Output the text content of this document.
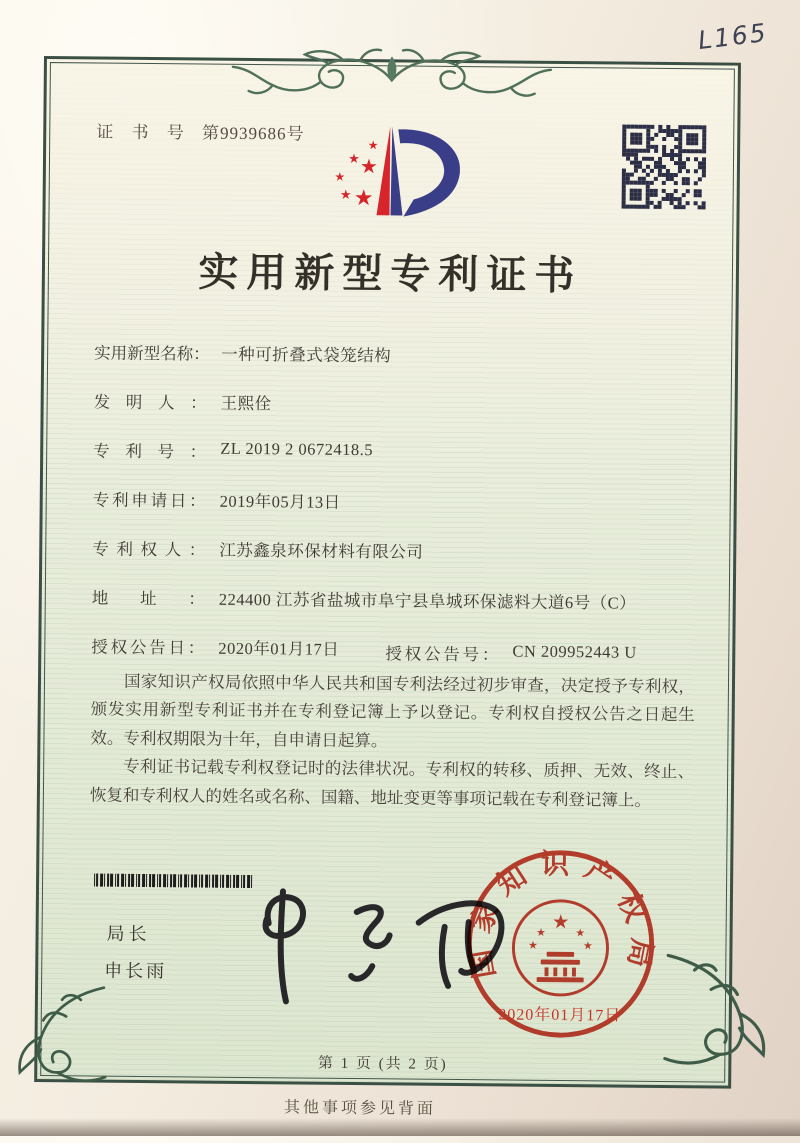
证 书 号 第9939686号
★
★ ★
★
★ ★
实用新型专利证书
实用新型名称： 一种可折叠式袋笼结构
发明人： 王熙佺
专利号： ZL 2019 2 0672418.5
专利申请日： 2019年05月13日
专利权人： 江苏鑫泉环保材料有限公司
地址： 224400 江苏省盐城市阜宁县阜城环保滤料大道6号（C）
授权公告日： 2020年01月17日	授权公告号： CN 209952443 U

国家知识产权局依照中华人民共和国专利法经过初步审查，决定授予专利权，颁发实用新型专利证书并在专利登记簿上予以登记。专利权自授权公告之日起生效。专利权期限为十年，自申请日起算。

专利证书记载专利权登记时的法律状况。专利权的转移、质押、无效、终止、恢复和专利权人的姓名或名称、国籍、地址变更等事项记载在专利登记簿上。

局长
申长雨	国家知识产权局
★
★	★
★	★
2020年01月17日
第 1 页 (共 2 页)
其他事项参见背面
L165
